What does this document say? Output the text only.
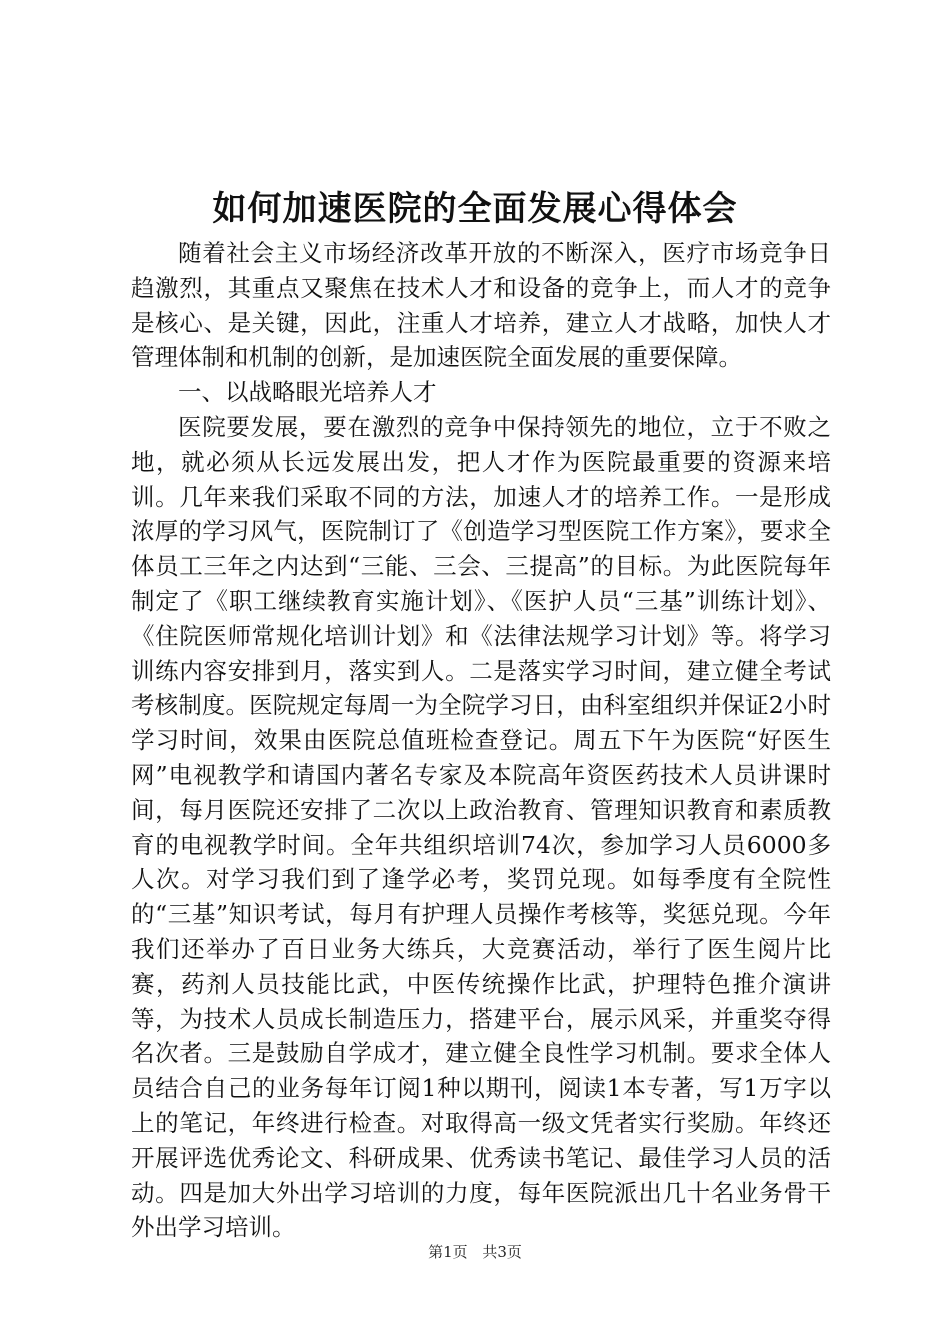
如何加速医院的全面发展心得体会

随着社会主义市场经济改革开放的不断深入，医疗市场竞争日趋激烈，其重点又聚焦在技术人才和设备的竞争上，而人才的竞争是核心、是关键，因此，注重人才培养，建立人才战略，加快人才管理体制和机制的创新，是加速医院全面发展的重要保障。

一、以战略眼光培养人才

医院要发展，要在激烈的竞争中保持领先的地位，立于不败之地，就必须从长远发展出发，把人才作为医院最重要的资源来培训。几年来我们采取不同的方法，加速人才的培养工作。一是形成浓厚的学习风气，医院制订了《创造学习型医院工作方案》，要求全体员工三年之内达到“三能、三会、三提高”的目标。为此医院每年制定了《职工继续教育实施计划》、《医护人员“三基”训练计划》、《住院医师常规化培训计划》和《法律法规学习计划》等。将学习训练内容安排到月，落实到人。二是落实学习时间，建立健全考试考核制度。医院规定每周一为全院学习日，由科室组织并保证2小时学习时间，效果由医院总值班检查登记。周五下午为医院“好医生网”电视教学和请国内著名专家及本院高年资医药技术人员讲课时间，每月医院还安排了二次以上政治教育、管理知识教育和素质教育的电视教学时间。全年共组织培训74次，参加学习人员6000多人次。对学习我们到了逢学必考，奖罚兑现。如每季度有全院性的“三基”知识考试，每月有护理人员操作考核等，奖惩兑现。今年我们还举办了百日业务大练兵，大竞赛活动，举行了医生阅片比赛，药剂人员技能比武，中医传统操作比武，护理特色推介演讲等，为技术人员成长制造压力，搭建平台，展示风采，并重奖夺得名次者。三是鼓励自学成才，建立健全良性学习机制。要求全体人员结合自己的业务每年订阅1种以期刊，阅读1本专著，写1万字以上的笔记，年终进行检查。对取得高一级文凭者实行奖励。年终还开展评选优秀论文、科研成果、优秀读书笔记、最佳学习人员的活动。四是加大外出学习培训的力度，每年医院派出几十名业务骨干外出学习培训。

第1页 共3页
